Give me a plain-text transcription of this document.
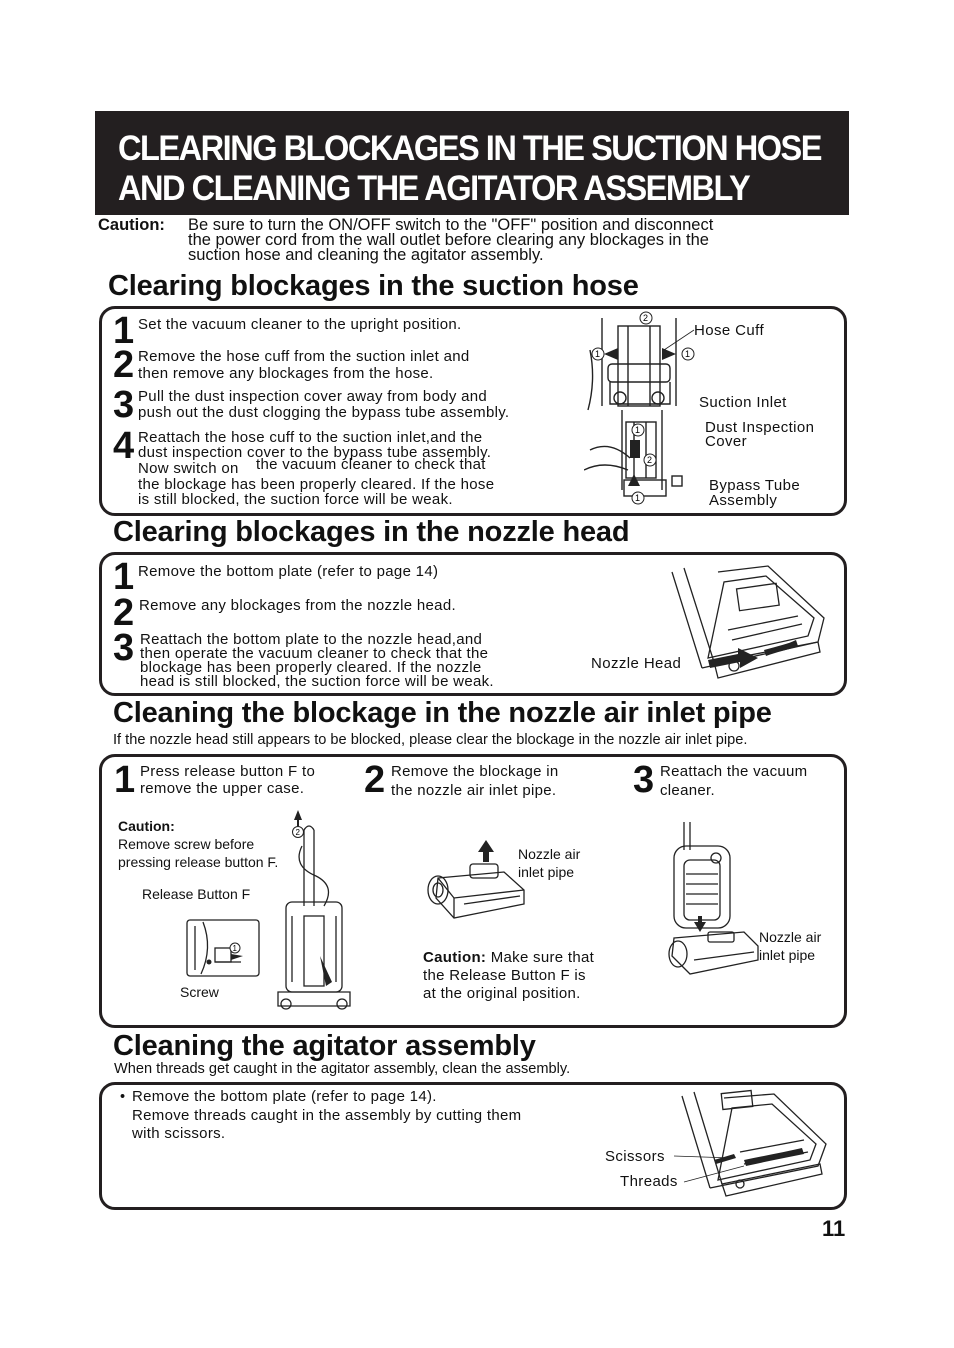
CLEARING BLOCKAGES IN THE SUCTION HOSE
AND CLEANING THE AGITATOR ASSEMBLY
Caution: Be sure to turn the ON/OFF switch to the "OFF" position and disconnect
the power cord from the wall outlet before clearing any blockages in the
suction hose and cleaning the agitator assembly.
Clearing blockages in the suction hose
1 Set the vacuum cleaner to the upright position.
2 Remove the hose cuff from the suction inlet and
then remove any blockages from the hose.
3 Pull the dust inspection cover away from body and
push out the dust clogging the bypass tube assembly.
4 Reattach the hose cuff to the suction inlet,and the
dust inspection cover to the bypass tube assembly.
Now switch on the vacuum cleaner to check that
the blockage has been properly cleared. If the hose
is still blocked, the suction force will be weak.
2
1	1
1
2
1
Hose Cuff
Suction Inlet
Dust Inspection
Cover
Bypass Tube
Assembly
Clearing blockages in the nozzle head
1 Remove the bottom plate (refer to page 14)
2 Remove any blockages from the nozzle head.
3 Reattach the bottom plate to the nozzle head,and
then operate the vacuum cleaner to check that the
blockage has been properly cleared. If the nozzle
head is still blocked, the suction force will be weak.
Nozzle Head
Cleaning the blockage in the nozzle air inlet pipe
If the nozzle head still appears to be blocked, please clear the blockage in the nozzle air inlet pipe.
1 Press release button F to
remove the upper case. 2 Remove the blockage in
the nozzle air inlet pipe. 3 Reattach the vacuum
cleaner.
Caution:
Remove screw before
pressing release button F.
Release Button F
Screw
1
2
Nozzle air
inlet pipe
Caution: Make sure that
the Release Button F is
at the original position.
Nozzle air
inlet pipe
Cleaning the agitator assembly
When threads get caught in the agitator assembly, clean the assembly.
• Remove the bottom plate (refer to page 14).
Remove threads caught in the assembly by cutting them
with scissors.
Scissors
Threads
11
